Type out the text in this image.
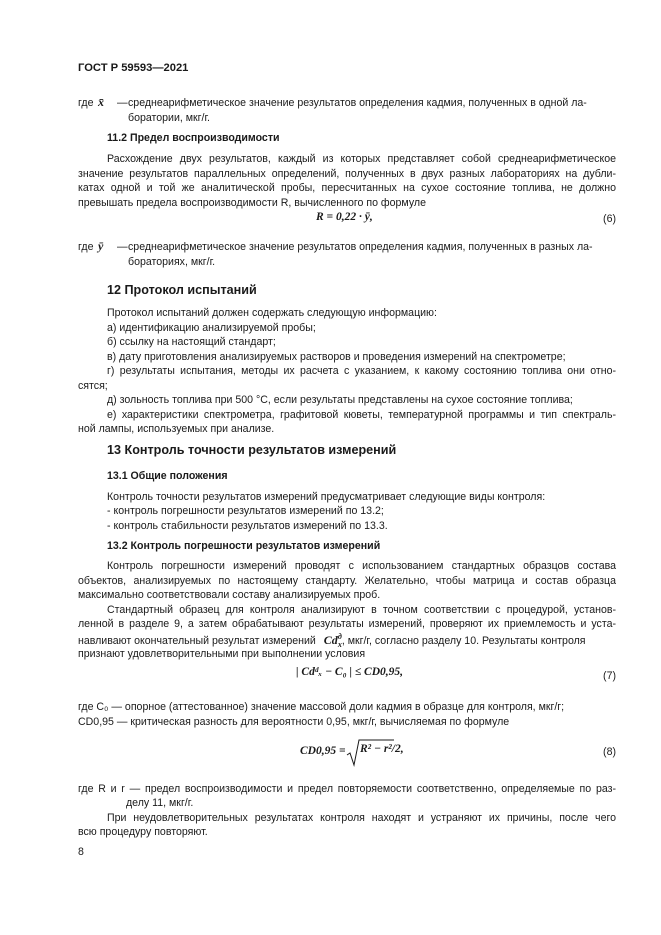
ГОСТ Р 59593—2021
где x̄ — среднеарифметическое значение результатов определения кадмия, полученных в одной ла-
боратории, мкг/г.
11.2 Предел воспроизводимости
Расхождение двух результатов, каждый из которых представляет собой среднеарифметическое
значение результатов параллельных определений, полученных в двух разных лабораториях на дубли-
катах одной и той же аналитической пробы, пересчитанных на сухое состояние топлива, не должно
превышать предела воспроизводимости R, вычисленного по формуле
R = 0,22 · ȳ,	(6)
где ȳ — среднеарифметическое значение результатов определения кадмия, полученных в разных ла-
бораториях, мкг/г.
12 Протокол испытаний
Протокол испытаний должен содержать следующую информацию:
а) идентификацию анализируемой пробы;
б) ссылку на настоящий стандарт;
в) дату приготовления анализируемых растворов и проведения измерений на спектрометре;
г) результаты испытания, методы их расчета с указанием, к какому состоянию топлива они отно-
сятся;
д) зольность топлива при 500 °С, если результаты представлены на сухое состояние топлива;
е) характеристики спектрометра, графитовой кюветы, температурной программы и тип спектраль-
ной лампы, используемых при анализе.
13 Контроль точности результатов измерений
13.1 Общие положения
Контроль точности результатов измерений предусматривает следующие виды контроля:
- контроль погрешности результатов измерений по 13.2;
- контроль стабильности результатов измерений по 13.3.
13.2 Контроль погрешности результатов измерений
Контроль погрешности измерений проводят с использованием стандартных образцов состава
объектов, анализируемых по настоящему стандарту. Желательно, чтобы матрица и состав образца
максимально соответствовали составу анализируемых проб.
Стандартный образец для контроля анализируют в точном соответствии с процедурой, установ-
ленной в разделе 9, а затем обрабатывают результаты измерений, проверяют их приемлемость и уста-
навливают окончательный результат измерений Cd д
х , мкг/г, согласно разделу 10. Результаты контроля
признают удовлетворительными при выполнении условия
| Cdᵈₓ − C₀ | ≤ CD0,95,	(7)
где C₀ — опорное (аттестованное) значение массовой доли кадмия в образце для контроля, мкг/г;
CD0,95 — критическая разность для вероятности 0,95, мкг/г, вычисляемая по формуле
CD0,95 = R² − r²/2,	(8)
где R и r — предел воспроизводимости и предел повторяемости соответственно, определяемые по раз-
делу 11, мкг/г.
При неудовлетворительных результатах контроля находят и устраняют их причины, после чего
всю процедуру повторяют.
8
